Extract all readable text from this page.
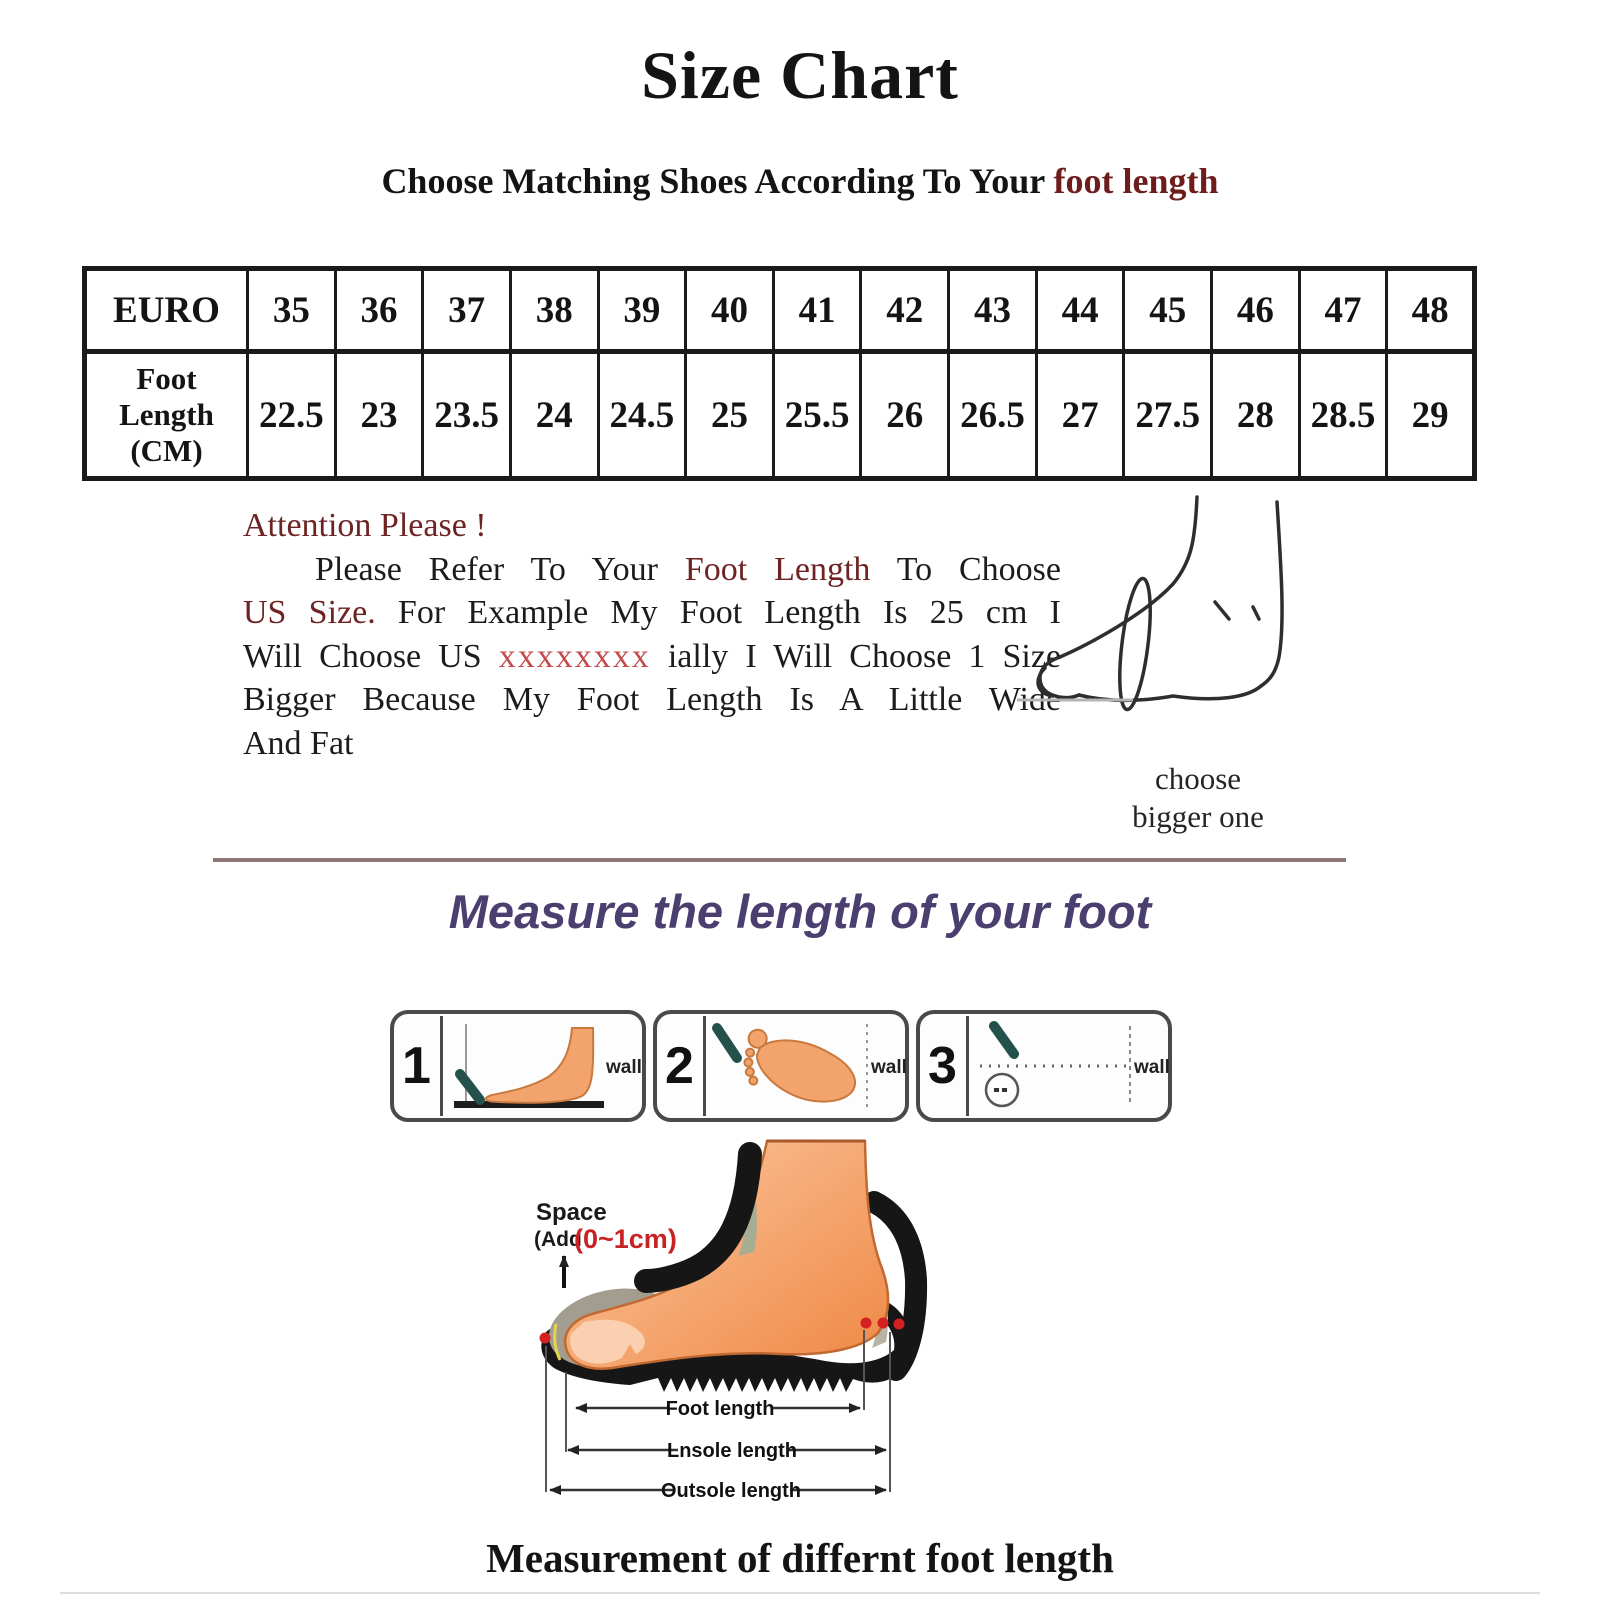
Size Chart
Choose Matching Shoes According To Your foot length
EURO	35	36	37	38	39	40	41	42	43	44	45	46	47	48

Foot
Length
(CM)	22.5	23	23.5	24	24.5	25	25.5	26	26.5	27	27.5	28	28.5	29
Attention Please !
Please Refer To Your Foot Length To Choose
US Size. For Example My Foot Length Is 25 cm I
Will Choose US xxxxxxxx ially I Will Choose 1 Size
Bigger Because My Foot Length Is A Little Wide
And Fat
choose
bigger one
Measure the length of your foot
1	wall 2	wall 3	wall
Space
(Add
(0~1cm)
Foot length
Lnsole length
Outsole length
Measurement of differnt foot length
